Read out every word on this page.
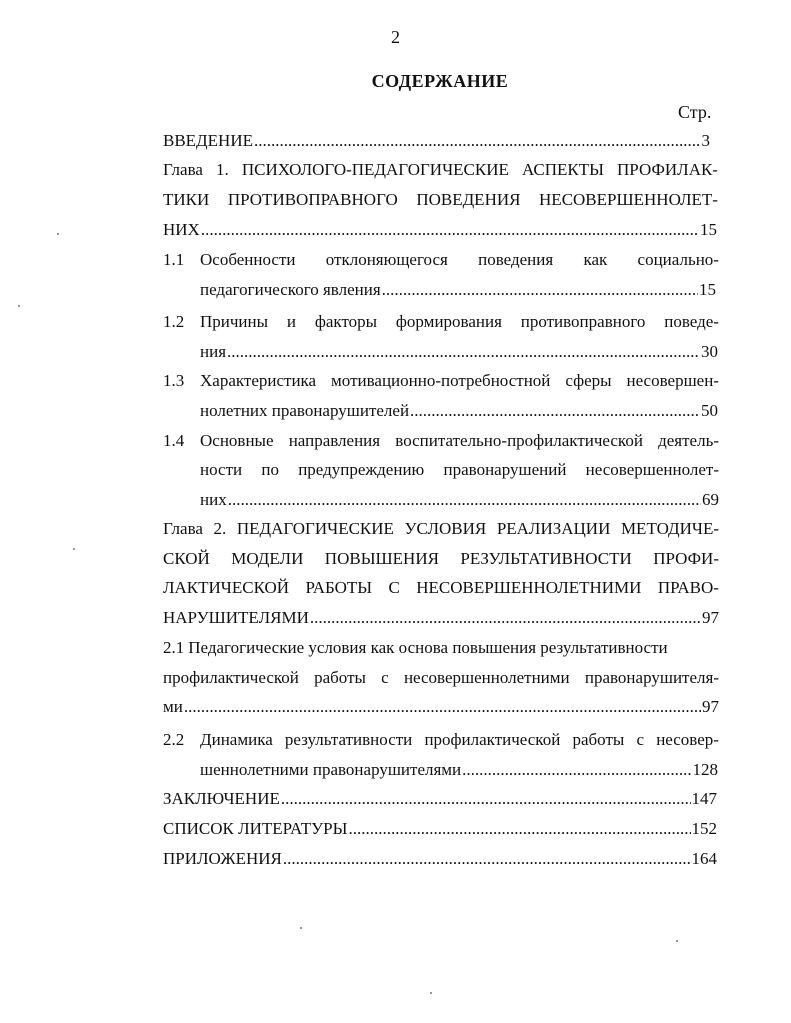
2
СОДЕРЖАНИЕ
Стр.
ВВЕДЕНИЕ .....	3
Глава 1. ПСИХОЛОГО-ПЕДАГОГИЧЕСКИЕ АСПЕКТЫ ПРОФИЛАК-
ТИКИ ПРОТИВОПРАВНОГО ПОВЕДЕНИЯ НЕСОВЕРШЕННОЛЕТ-
НИХ .....	15
1.1 Особенности отклоняющегося поведения как социально-
педагогического явления .....	15
1.2 Причины и факторы формирования противоправного поведе-
ния .....	30
1.3 Характеристика мотивационно-потребностной сферы несовершен-
нолетних правонарушителей .....	50
1.4 Основные направления воспитательно-профилактической деятель-
ности по предупреждению правонарушений несовершеннолет-
них .....	69
Глава 2. ПЕДАГОГИЧЕСКИЕ УСЛОВИЯ РЕАЛИЗАЦИИ МЕТОДИЧЕ-
СКОЙ МОДЕЛИ ПОВЫШЕНИЯ РЕЗУЛЬТАТИВНОСТИ ПРОФИ-
ЛАКТИЧЕСКОЙ РАБОТЫ С НЕСОВЕРШЕННОЛЕТНИМИ ПРАВО-
НАРУШИТЕЛЯМИ .....	97
2.1 Педагогические условия как основа повышения результативности
профилактической работы с несовершеннолетними правонарушителя-
ми .....	97
2.2 Динамика результативности профилактической работы с несовер-
шеннолетними правонарушителями .....	128
ЗАКЛЮЧЕНИЕ .....	147
СПИСОК ЛИТЕРАТУРЫ .....	152
ПРИЛОЖЕНИЯ .....	164
